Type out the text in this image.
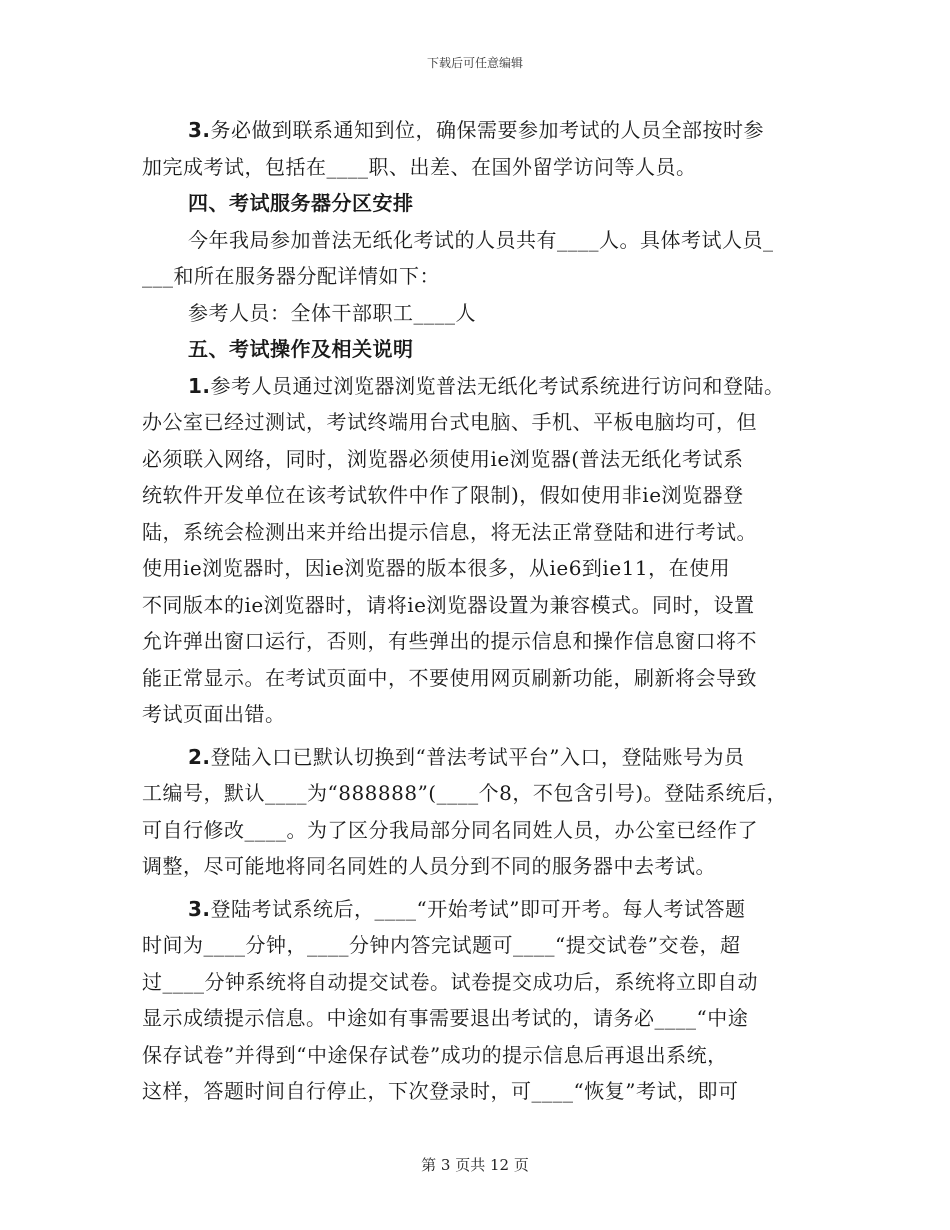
下载后可任意编辑
3.务必做到联系通知到位，确保需要参加考试的人员全部按时参
加完成考试，包括在____职、出差、在国外留学访问等人员。
四、考试服务器分区安排
今年我局参加普法无纸化考试的人员共有____人。具体考试人员_
___和所在服务器分配详情如下：
参考人员：全体干部职工____人
五、考试操作及相关说明
1.参考人员通过浏览器浏览普法无纸化考试系统进行访问和登陆。
办公室已经过测试，考试终端用台式电脑、手机、平板电脑均可，但
必须联入网络，同时，浏览器必须使用ie浏览器(普法无纸化考试系
统软件开发单位在该考试软件中作了限制)，假如使用非ie浏览器登
陆，系统会检测出来并给出提示信息，将无法正常登陆和进行考试。
使用ie浏览器时，因ie浏览器的版本很多，从ie6到ie11，在使用
不同版本的ie浏览器时，请将ie浏览器设置为兼容模式。同时，设置
允许弹出窗口运行，否则，有些弹出的提示信息和操作信息窗口将不
能正常显示。在考试页面中，不要使用网页刷新功能，刷新将会导致
考试页面出错。
2.登陆入口已默认切换到“普法考试平台”入口，登陆账号为员
工编号，默认____为“888888”(____个8，不包含引号)。登陆系统后，
可自行修改____。为了区分我局部分同名同姓人员，办公室已经作了
调整，尽可能地将同名同姓的人员分到不同的服务器中去考试。
3.登陆考试系统后，____“开始考试”即可开考。每人考试答题
时间为____分钟，____分钟内答完试题可____“提交试卷”交卷，超
过____分钟系统将自动提交试卷。试卷提交成功后，系统将立即自动
显示成绩提示信息。中途如有事需要退出考试的，请务必____“中途
保存试卷”并得到“中途保存试卷”成功的提示信息后再退出系统，
这样，答题时间自行停止，下次登录时，可____“恢复”考试，即可
第 3 页共 12 页
